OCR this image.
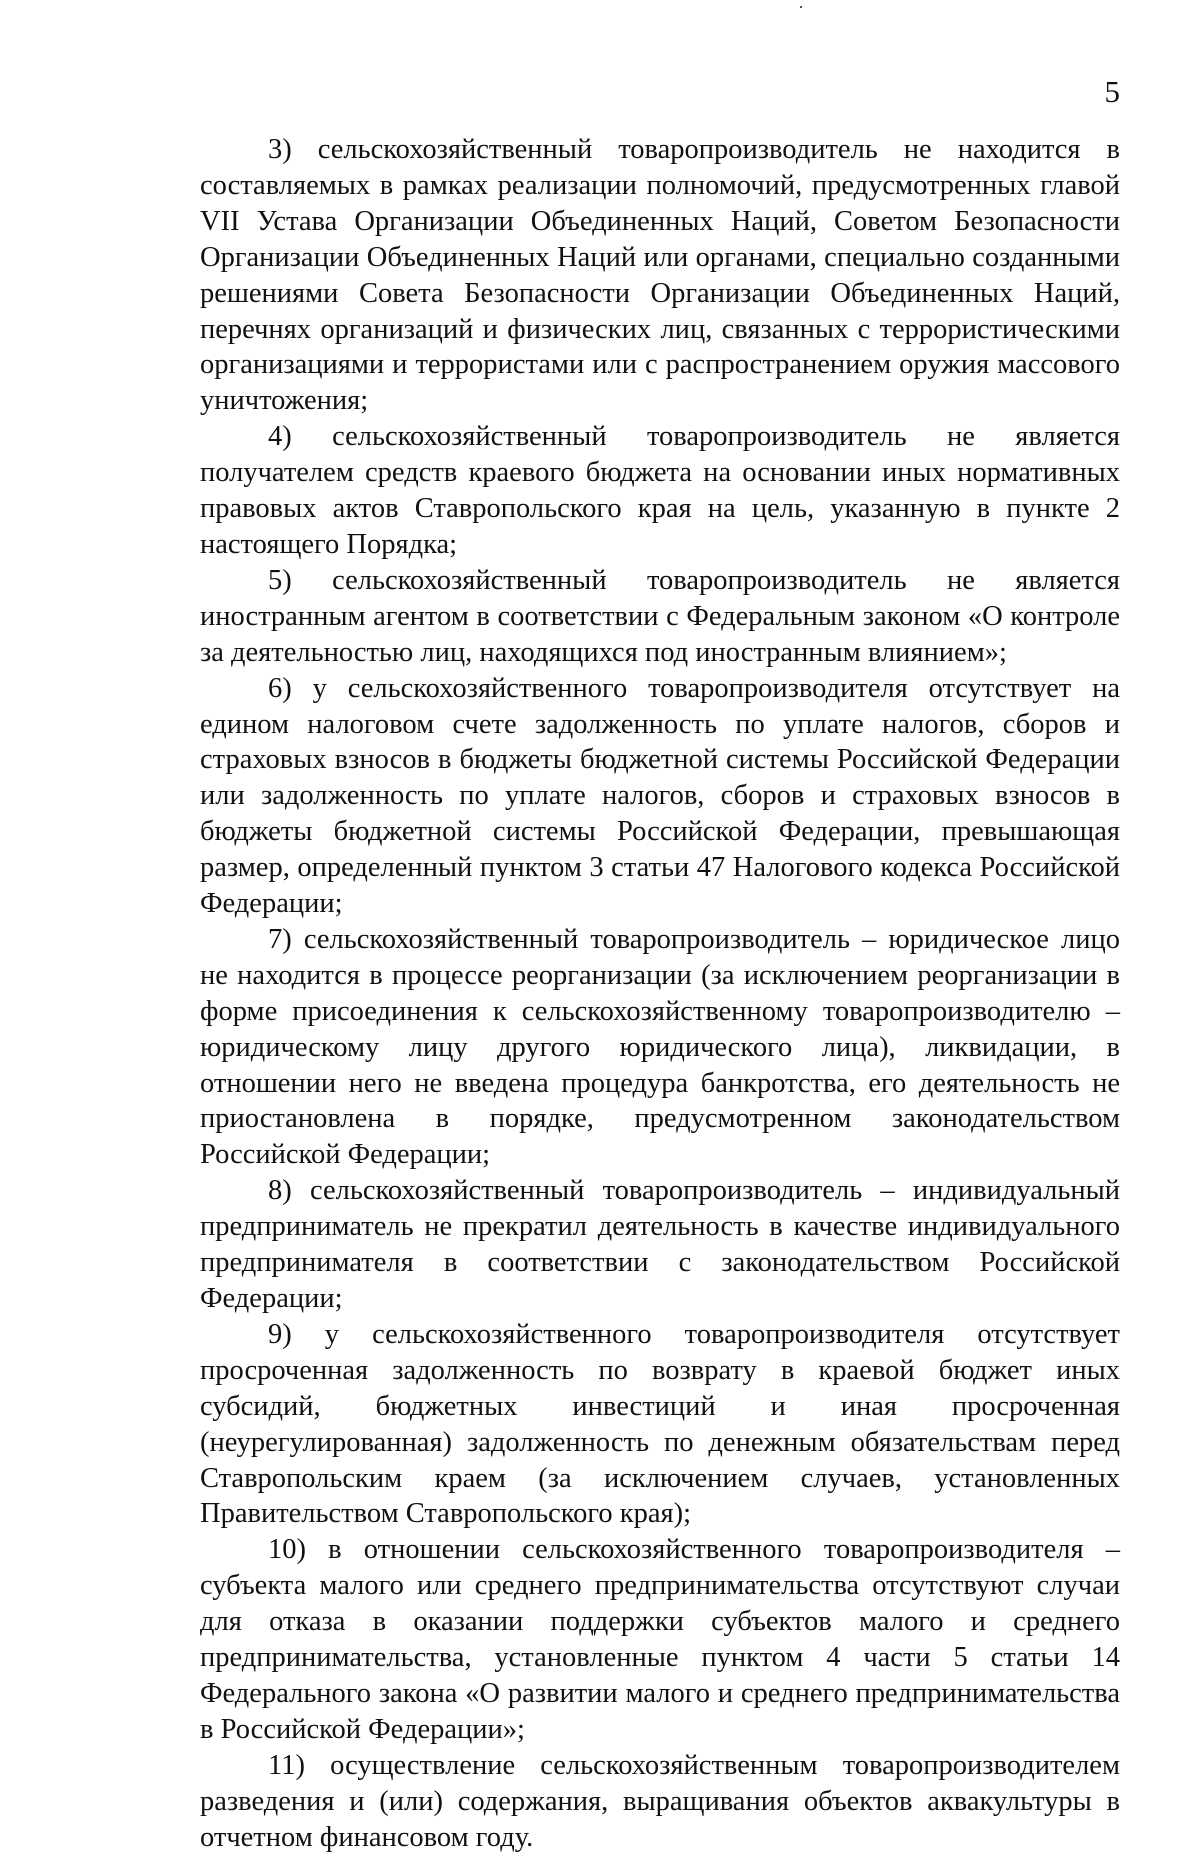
5

3) сельскохозяйственный товаропроизводитель не находится в составляемых в рамках реализации полномочий, предусмотренных главой VII Устава Организации Объединенных Наций, Советом Безопасности Организации Объединенных Наций или органами, специально созданными решениями Совета Безопасности Организации Объединенных Наций, перечнях организаций и физических лиц, связанных с террористическими организациями и террористами или с распространением оружия массового уничтожения;

4) сельскохозяйственный товаропроизводитель не является получателем средств краевого бюджета на основании иных нормативных правовых актов Ставропольского края на цель, указанную в пункте 2 настоящего Порядка;

5) сельскохозяйственный товаропроизводитель не является иностранным агентом в соответствии с Федеральным законом «О контроле за деятельностью лиц, находящихся под иностранным влиянием»;

6) у сельскохозяйственного товаропроизводителя отсутствует на едином налоговом счете задолженность по уплате налогов, сборов и страховых взносов в бюджеты бюджетной системы Российской Федерации или задолженность по уплате налогов, сборов и страховых взносов в бюджеты бюджетной системы Российской Федерации, превышающая размер, определенный пунктом 3 статьи 47 Налогового кодекса Российской Федерации;

7) сельскохозяйственный товаропроизводитель – юридическое лицо не находится в процессе реорганизации (за исключением реорганизации в форме присоединения к сельскохозяйственному товаропроизводителю – юридическому лицу другого юридического лица), ликвидации, в отношении него не введена процедура банкротства, его деятельность не приостановлена в порядке, предусмотренном законодательством Российской Федерации;

8) сельскохозяйственный товаропроизводитель – индивидуальный предприниматель не прекратил деятельность в качестве индивидуального предпринимателя в соответствии с законодательством Российской Федерации;

9) у сельскохозяйственного товаропроизводителя отсутствует просроченная задолженность по возврату в краевой бюджет иных субсидий, бюджетных инвестиций и иная просроченная (неурегулированная) задолженность по денежным обязательствам перед Ставропольским краем (за исключением случаев, установленных Правительством Ставропольского края);

10) в отношении сельскохозяйственного товаропроизводителя – субъекта малого или среднего предпринимательства отсутствуют случаи для отказа в оказании поддержки субъектов малого и среднего предпринимательства, установленные пунктом 4 части 5 статьи 14 Федерального закона «О развитии малого и среднего предпринимательства в Российской Федерации»;

11) осуществление сельскохозяйственным товаропроизводителем разведения и (или) содержания, выращивания объектов аквакультуры в отчетном финансовом году.
